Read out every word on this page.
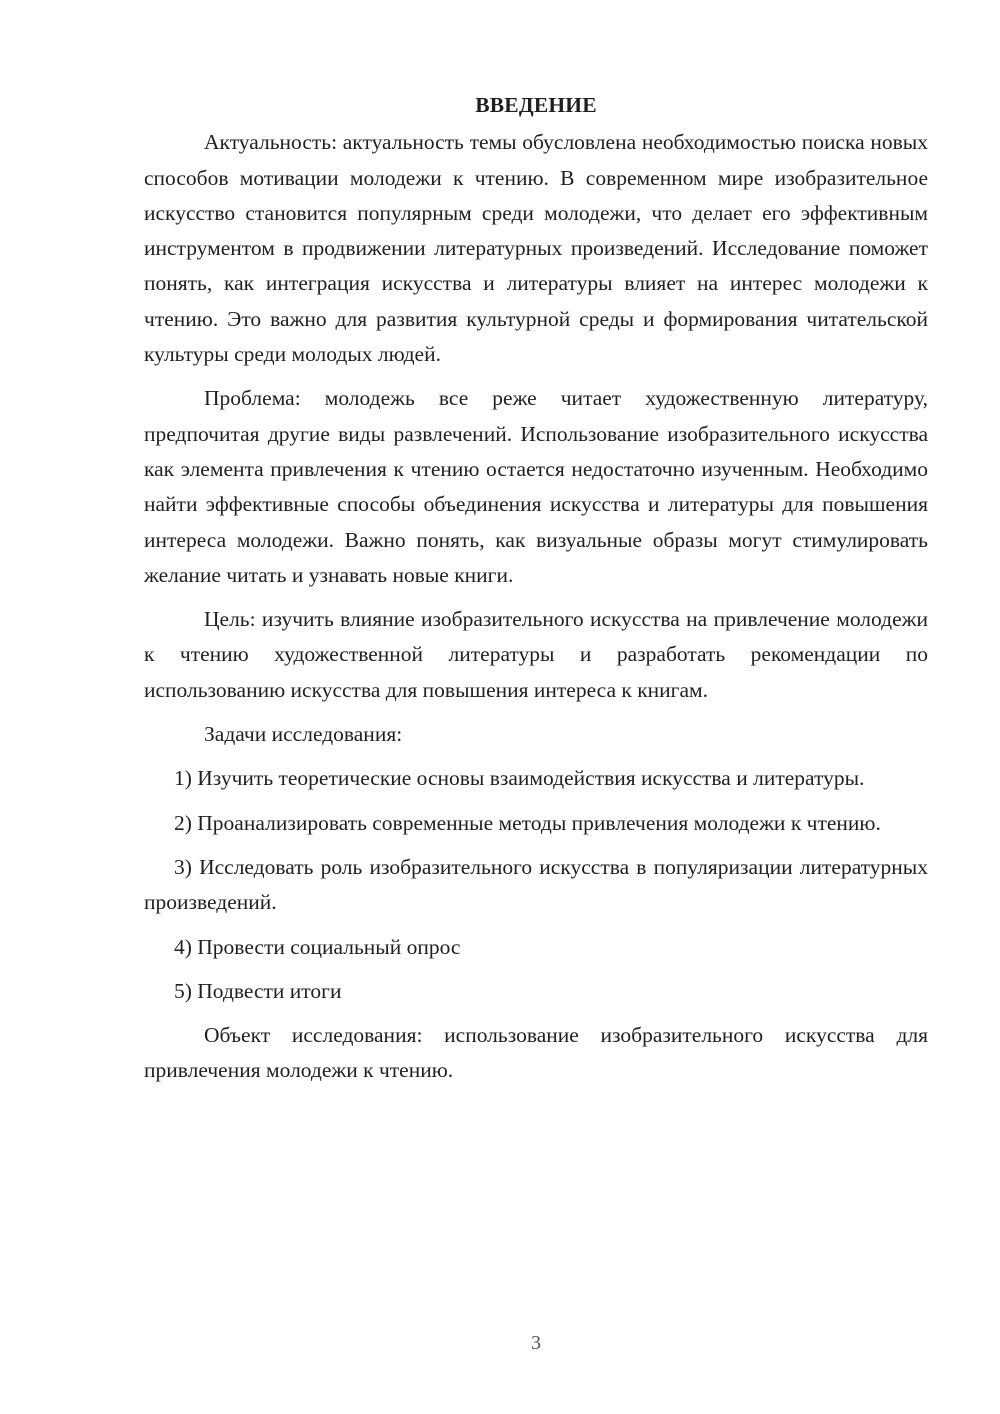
ВВЕДЕНИЕ

Актуальность: актуальность темы обусловлена необходимостью поиска новых способов мотивации молодежи к чтению. В современном мире изобразительное искусство становится популярным среди молодежи, что делает его эффективным инструментом в продвижении литературных произведений. Исследование поможет понять, как интеграция искусства и литературы влияет на интерес молодежи к чтению. Это важно для развития культурной среды и формирования читательской культуры среди молодых людей.

Проблема: молодежь все реже читает художественную литературу, предпочитая другие виды развлечений. Использование изобразительного искусства как элемента привлечения к чтению остается недостаточно изученным. Необходимо найти эффективные способы объединения искусства и литературы для повышения интереса молодежи. Важно понять, как визуальные образы могут стимулировать желание читать и узнавать новые книги.

Цель: изучить влияние изобразительного искусства на привлечение молодежи к чтению художественной литературы и разработать рекомендации по использованию искусства для повышения интереса к книгам.

Задачи исследования:

1) Изучить теоретические основы взаимодействия искусства и литературы.

2) Проанализировать современные методы привлечения молодежи к чтению.

3) Исследовать роль изобразительного искусства в популяризации литературных произведений.

4) Провести социальный опрос

5) Подвести итоги

Объект исследования: использование изобразительного искусства для привлечения молодежи к чтению.

3
